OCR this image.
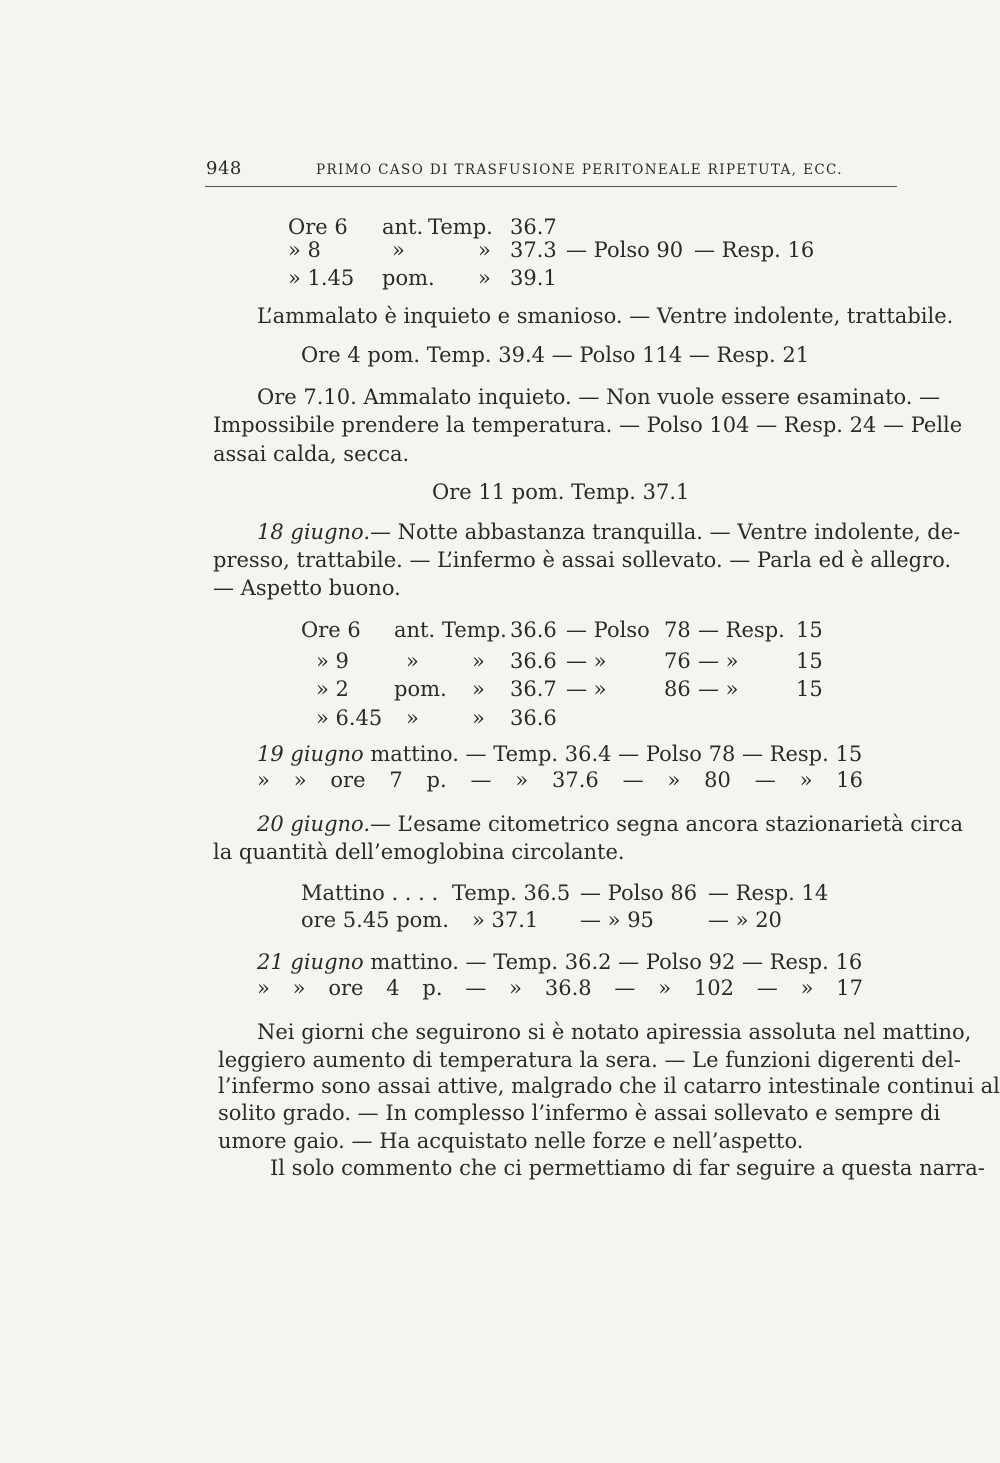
948	PRIMO CASO DI TRASFUSIONE PERITONEALE RIPETUTA, ECC.
Ore 6 ant. Temp. 36.7
» 8	»	» 37.3 — Polso 90 — Resp. 16
» 1.45 pom. » 39.1
L’ammalato è inquieto e smanioso. — Ventre indolente, trattabile.
Ore 4 pom. Temp. 39.4 — Polso 114 — Resp. 21
Ore 7.10. Ammalato inquieto. — Non vuole essere esaminato. —
Impossibile prendere la temperatura. — Polso 104 — Resp. 24 — Pelle
assai calda, secca.
Ore 11 pom. Temp. 37.1
18 giugno. — Notte abbastanza tranquilla. — Ventre indolente, de-
presso, trattabile. — L’infermo è assai sollevato. — Parla ed è allegro.
— Aspetto buono.
Ore 6 ant. Temp. 36.6 — Polso 78 — Resp. 15
» 9	»	» 36.6 — »	76 — »	15
» 2 pom. » 36.7 — »	86 — »	15
» 6.45 »	» 36.6
19 giugno mattino. — Temp. 36.4 — Polso 78 — Resp. 15
» » ore 7 p. — » 37.6 — » 80 — » 16
20 giugno. — L’esame citometrico segna ancora stazionarietà circa
la quantità dell’emoglobina circolante.
Mattino . . . . Temp. 36.5 — Polso 86 — Resp. 14
ore 5.45 pom. » 37.1 — » 95	— » 20
21 giugno mattino. — Temp. 36.2 — Polso 92 — Resp. 16
» » ore 4 p. — » 36.8 — » 102 — » 17
Nei giorni che seguirono si è notato apiressia assoluta nel mattino,
leggiero aumento di temperatura la sera. — Le funzioni digerenti del-
l’infermo sono assai attive, malgrado che il catarro intestinale continui al
solito grado. — In complesso l’infermo è assai sollevato e sempre di
umore gaio. — Ha acquistato nelle forze e nell’aspetto.
Il solo commento che ci permettiamo di far seguire a questa narra-
